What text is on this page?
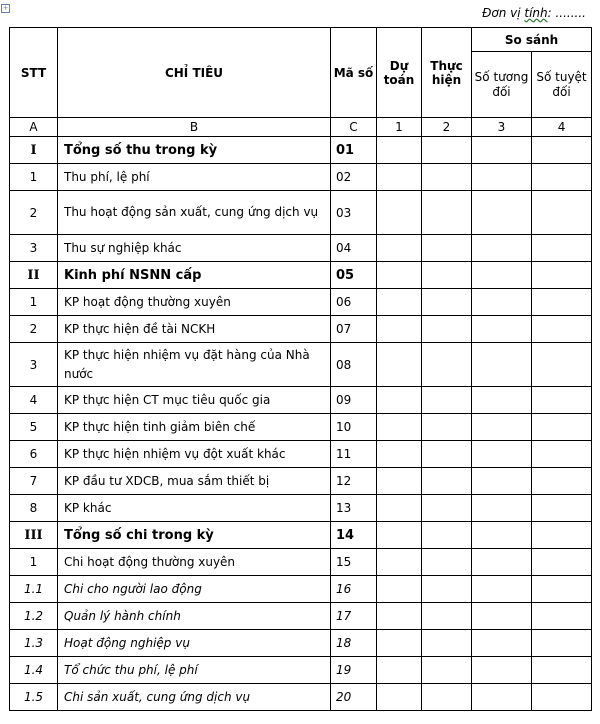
+	Đơn vị tính: ........
STT	CHỈ TIÊU	Mã số	Dự toán	Thực hiện	So sánh	
					Số tương đối	Số tuyệt đối
A	B	C	1	2	3	4
I	Tổng số thu trong kỳ	01				
1	Thu phí, lệ phí	02				
2	Thu hoạt động sản xuất, cung ứng dịch vụ	03				
3	Thu sự nghiệp khác	04				
II	Kinh phí NSNN cấp	05				
1	KP hoạt động thường xuyên	06				
2	KP thực hiện đề tài NCKH	07				
3	KP thực hiện nhiệm vụ đặt hàng của Nhà nước	08				
4	KP thực hiện CT mục tiêu quốc gia	09				
5	KP thực hiện tinh giảm biên chế	10				
6	KP thực hiện nhiệm vụ đột xuất khác	11				
7	KP đầu tư XDCB, mua sắm thiết bị	12				
8	KP khác	13				
III	Tổng số chi trong kỳ	14				
1	Chi hoạt động thường xuyên	15				
1.1	Chi cho người lao động	16				
1.2	Quản lý hành chính	17				
1.3	Hoạt động nghiệp vụ	18				
1.4	Tổ chức thu phí, lệ phí	19				
1.5	Chi sản xuất, cung ứng dịch vụ	20				
